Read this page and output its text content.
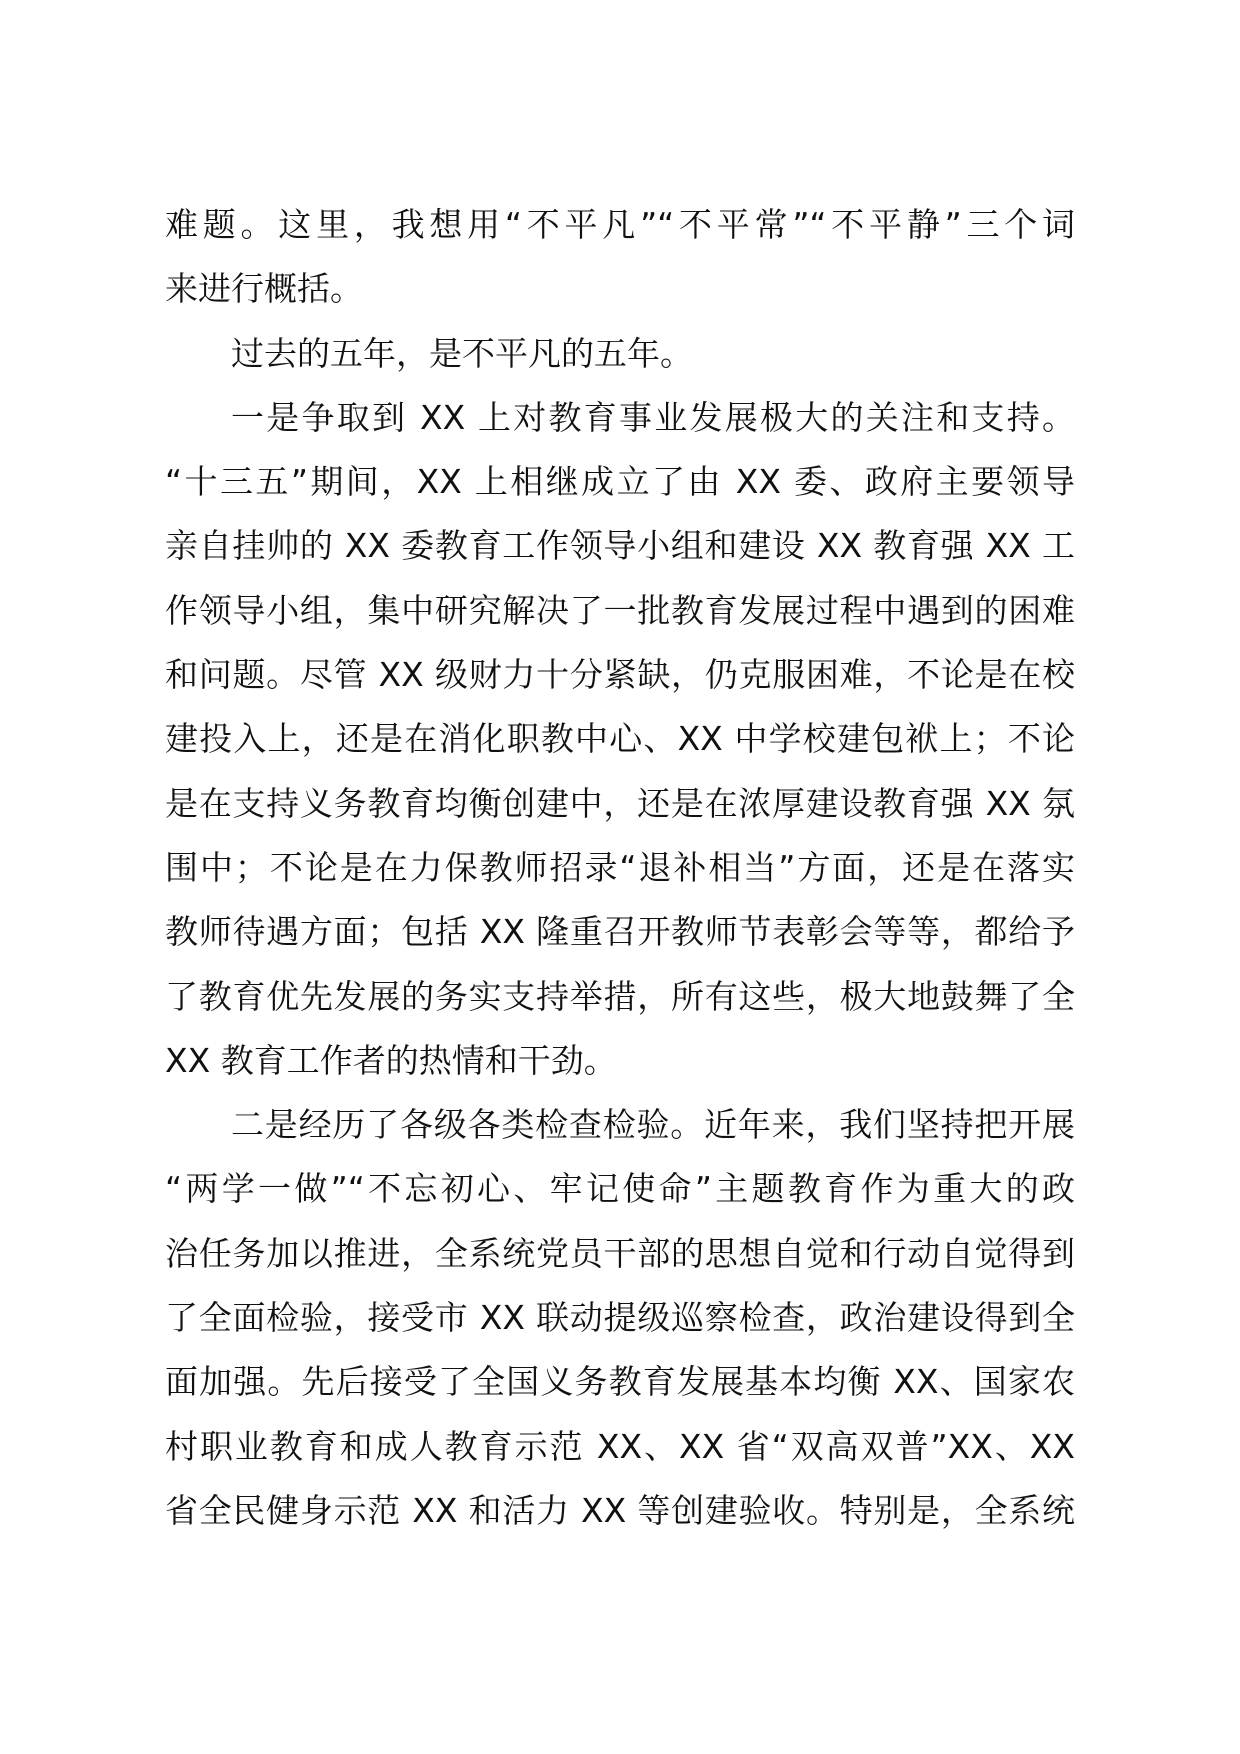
难题。这里，我想用“不平凡”“不平常”“不平静”三个词

来进行概括。

过去的五年，是不平凡的五年。

一是争取到 XX 上对教育事业发展极大的关注和支持。

“十三五”期间，XX 上相继成立了由 XX 委、政府主要领导

亲自挂帅的 XX 委教育工作领导小组和建设 XX 教育强 XX 工

作领导小组，集中研究解决了一批教育发展过程中遇到的困难

和问题。尽管 XX 级财力十分紧缺，仍克服困难，不论是在校

建投入上，还是在消化职教中心、XX 中学校建包袱上；不论

是在支持义务教育均衡创建中，还是在浓厚建设教育强 XX 氛

围中；不论是在力保教师招录“退补相当”方面，还是在落实

教师待遇方面；包括 XX 隆重召开教师节表彰会等等，都给予

了教育优先发展的务实支持举措，所有这些，极大地鼓舞了全

XX 教育工作者的热情和干劲。

二是经历了各级各类检查检验。近年来，我们坚持把开展

“两学一做”“不忘初心、牢记使命”主题教育作为重大的政

治任务加以推进，全系统党员干部的思想自觉和行动自觉得到

了全面检验，接受市 XX 联动提级巡察检查，政治建设得到全

面加强。先后接受了全国义务教育发展基本均衡 XX、国家农

村职业教育和成人教育示范 XX、XX 省“双高双普”XX、XX

省全民健身示范 XX 和活力 XX 等创建验收。特别是，全系统
